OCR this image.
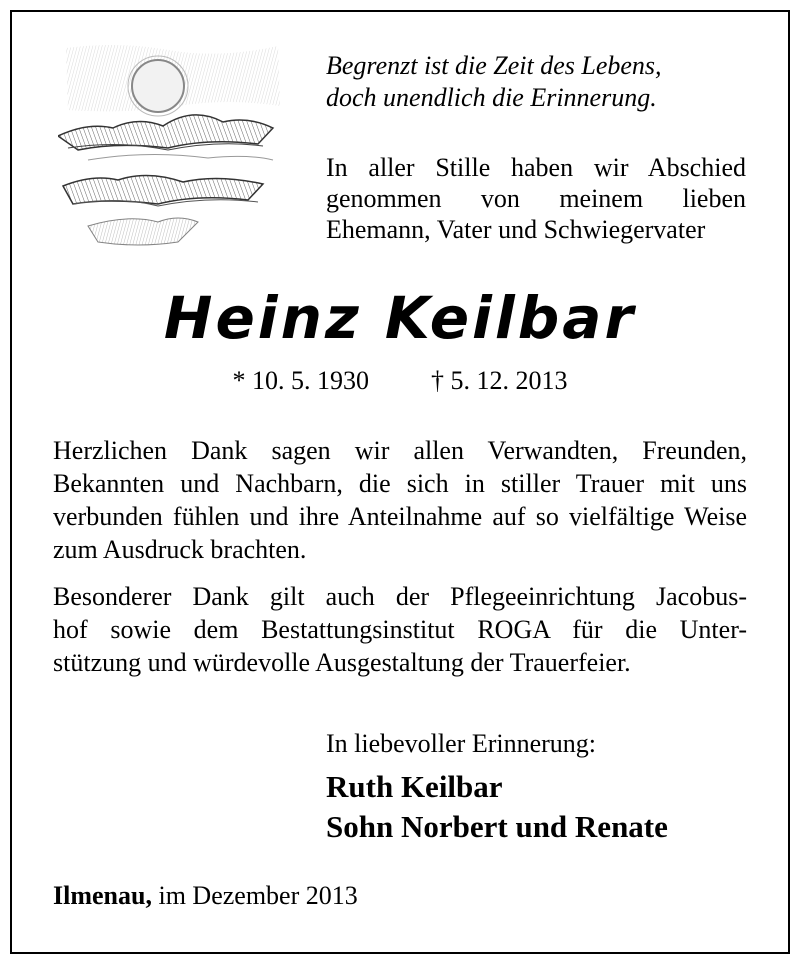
Begrenzt ist die Zeit des Lebens,
doch unendlich die Erinnerung.
In aller Stille haben wir Abschied genommen von meinem lieben Ehemann, Vater und Schwiegervater
Heinz Keilbar
* 10. 5. 1930 † 5. 12. 2013
Herzlichen Dank sagen wir allen Verwandten, Freunden, Bekannten und Nachbarn, die sich in stiller Trauer mit uns verbunden fühlen und ihre Anteilnahme auf so vielfältige Weise zum Ausdruck brachten.
Besonderer Dank gilt auch der Pflegeeinrichtung Jacobus-
hof sowie dem Bestattungsinstitut ROGA für die Unter-
stützung und würdevolle Ausgestaltung der Trauerfeier.
In liebevoller Erinnerung:
Ruth Keilbar
Sohn Norbert und Renate
Ilmenau, im Dezember 2013
